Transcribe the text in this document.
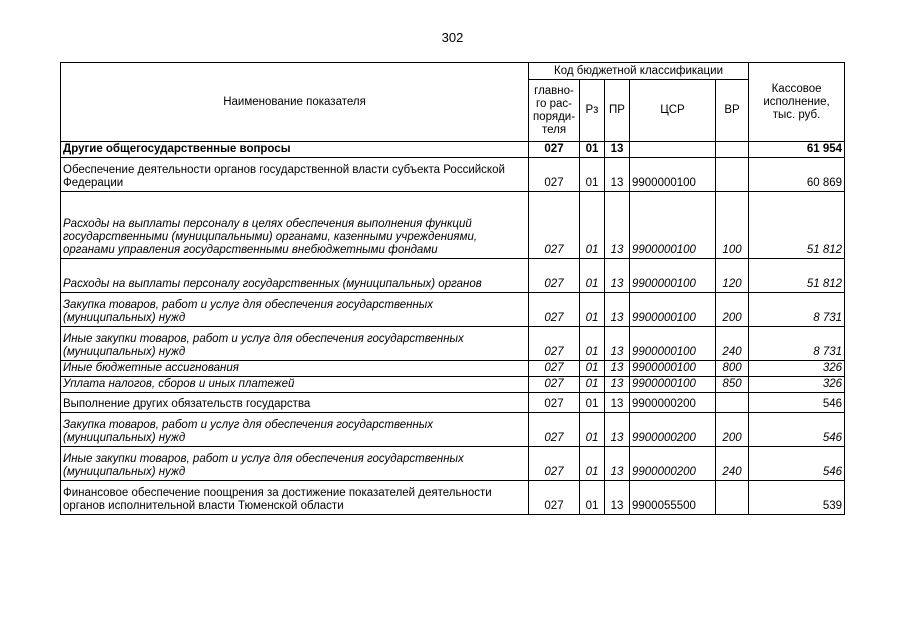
302
Наименование показателя	Код бюджетной классификации					Кассовое исполнение, тыс. руб.
	главно-го рас-поряди-теля	Рз	ПР	ЦСР	ВР	
Другие общегосударственные вопросы	027	01	13			61 954
Обеспечение деятельности органов государственной власти субъекта Российской Федерации	027	01	13	9900000100		60 869
Расходы на выплаты персоналу в целях обеспечения выполнения функций государственными (муниципальными) органами, казенными учреждениями, органами управления государственными внебюджетными фондами	027	01	13	9900000100	100	51 812
Расходы на выплаты персоналу государственных (муниципальных) органов	027	01	13	9900000100	120	51 812
Закупка товаров, работ и услуг для обеспечения государственных (муниципальных) нужд	027	01	13	9900000100	200	8 731
Иные закупки товаров, работ и услуг для обеспечения государственных (муниципальных) нужд	027	01	13	9900000100	240	8 731
Иные бюджетные ассигнования	027	01	13	9900000100	800	326
Уплата налогов, сборов и иных платежей	027	01	13	9900000100	850	326
Выполнение других обязательств государства	027	01	13	9900000200		546
Закупка товаров, работ и услуг для обеспечения государственных (муниципальных) нужд	027	01	13	9900000200	200	546
Иные закупки товаров, работ и услуг для обеспечения государственных (муниципальных) нужд	027	01	13	9900000200	240	546
Финансовое обеспечение поощрения за достижение показателей деятельности органов исполнительной власти Тюменской области	027	01	13	9900055500		539
